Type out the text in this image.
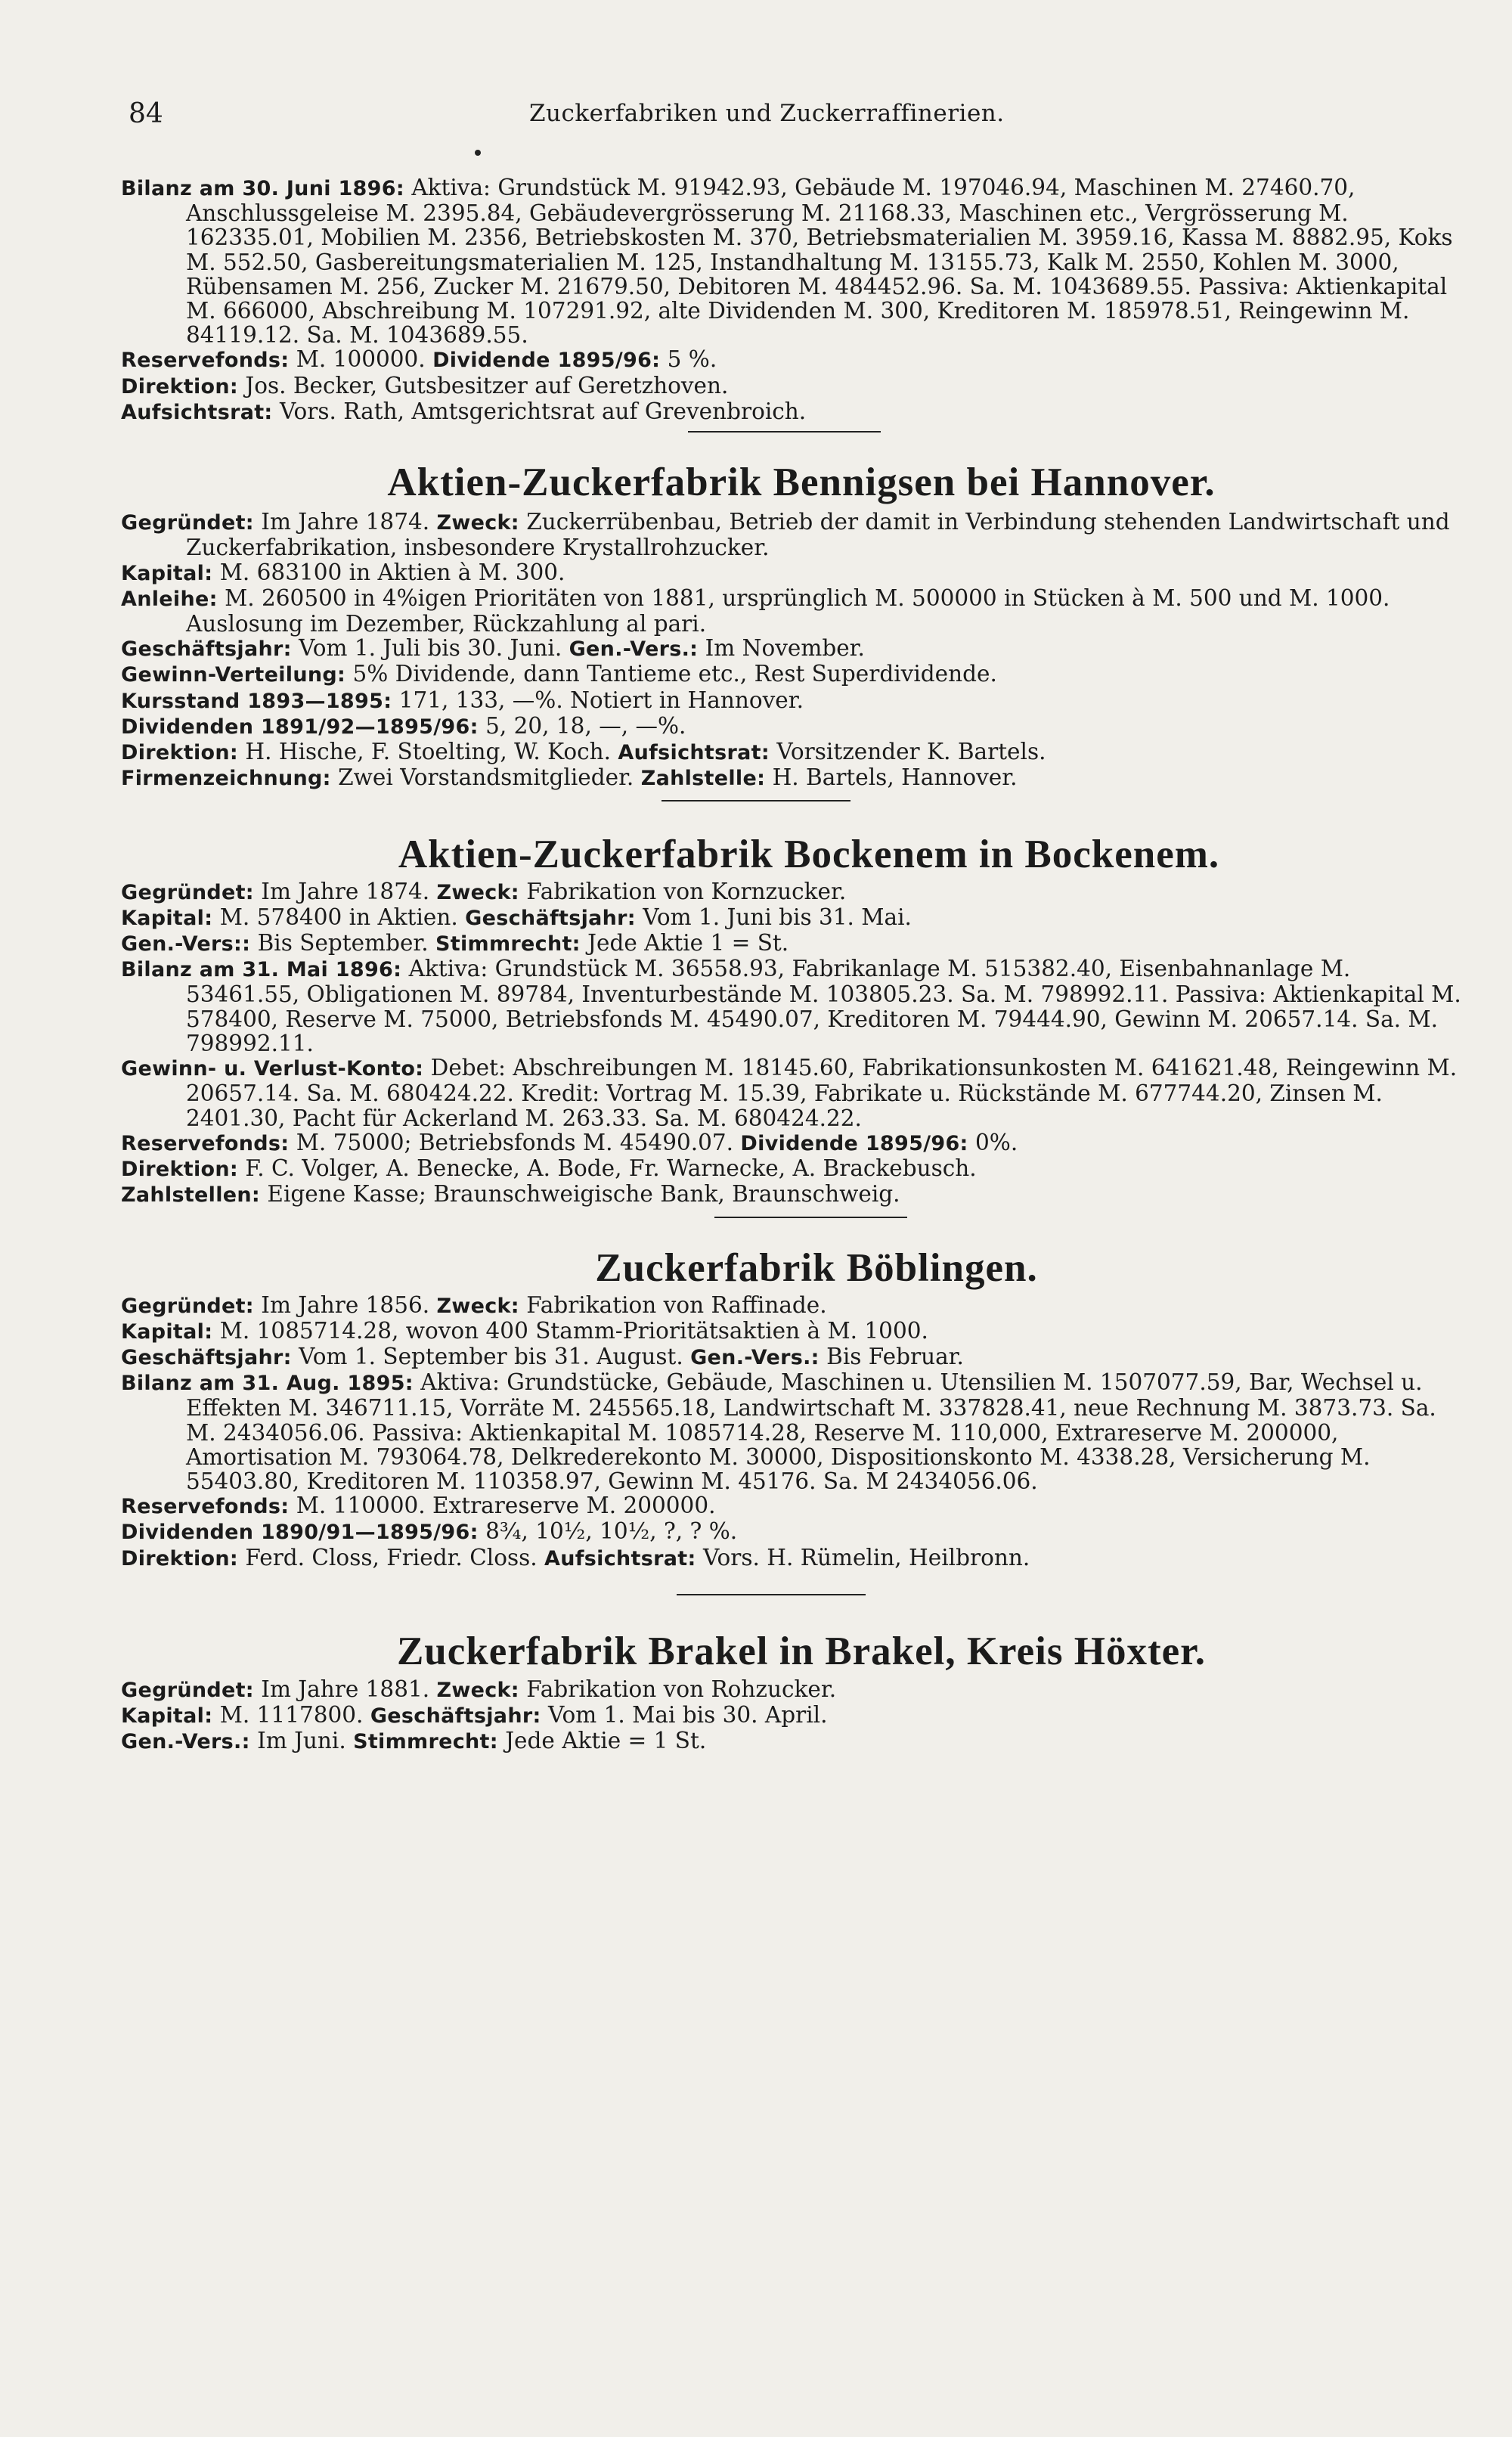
84	Zuckerfabriken und Zuckerraffinerien.

Bilanz am 30. Juni 1896: Aktiva: Grundstück M. 91942.93, Gebäude M. 197046.94, Maschinen M. 27460.70, Anschlussgeleise M. 2395.84, Gebäudevergrösserung M. 21168.33, Maschinen etc., Vergrösserung M. 162335.01, Mobilien M. 2356, Betriebskosten M. 370, Betriebsmaterialien M. 3959.16, Kassa M. 8882.95, Koks M. 552.50, Gasbereitungsmaterialien M. 125, Instandhaltung M. 13155.73, Kalk M. 2550, Kohlen M. 3000, Rübensamen M. 256, Zucker M. 21679.50, Debitoren M. 484452.96. Sa. M. 1043689.55. Passiva: Aktienkapital M. 666000, Abschreibung M. 107291.92, alte Dividenden M. 300, Kreditoren M. 185978.51, Reingewinn M. 84119.12. Sa. M. 1043689.55.

Reservefonds: M. 100000. Dividende 1895/96: 5 %.

Direktion: Jos. Becker, Gutsbesitzer auf Geretzhoven.

Aufsichtsrat: Vors. Rath, Amtsgerichtsrat auf Grevenbroich.

Aktien-Zuckerfabrik Bennigsen bei Hannover.

Gegründet: Im Jahre 1874. Zweck: Zuckerrübenbau, Betrieb der damit in Verbindung stehenden Landwirtschaft und Zuckerfabrikation, insbesondere Krystallrohzucker.

Kapital: M. 683100 in Aktien à M. 300.

Anleihe: M. 260500 in 4%igen Prioritäten von 1881, ursprünglich M. 500000 in Stücken à M. 500 und M. 1000. Auslosung im Dezember, Rückzahlung al pari.

Geschäftsjahr: Vom 1. Juli bis 30. Juni. Gen.-Vers.: Im November.

Gewinn-Verteilung: 5% Dividende, dann Tantieme etc., Rest Superdividende.

Kursstand 1893—1895: 171, 133, —%. Notiert in Hannover.

Dividenden 1891/92—1895/96: 5, 20, 18, —, —%.

Direktion: H. Hische, F. Stoelting, W. Koch. Aufsichtsrat: Vorsitzender K. Bartels.

Firmenzeichnung: Zwei Vorstandsmitglieder. Zahlstelle: H. Bartels, Hannover.

Aktien-Zuckerfabrik Bockenem in Bockenem.

Gegründet: Im Jahre 1874. Zweck: Fabrikation von Kornzucker.

Kapital: M. 578400 in Aktien. Geschäftsjahr: Vom 1. Juni bis 31. Mai.

Gen.-Vers:: Bis September. Stimmrecht: Jede Aktie 1 = St.

Bilanz am 31. Mai 1896: Aktiva: Grundstück M. 36558.93, Fabrikanlage M. 515382.40, Eisenbahnanlage M. 53461.55, Obligationen M. 89784, Inventurbestände M. 103805.23. Sa. M. 798992.11. Passiva: Aktienkapital M. 578400, Reserve M. 75000, Betriebsfonds M. 45490.07, Kreditoren M. 79444.90, Gewinn M. 20657.14. Sa. M. 798992.11.

Gewinn- u. Verlust-Konto: Debet: Abschreibungen M. 18145.60, Fabrikationsunkosten M. 641621.48, Reingewinn M. 20657.14. Sa. M. 680424.22. Kredit: Vortrag M. 15.39, Fabrikate u. Rückstände M. 677744.20, Zinsen M. 2401.30, Pacht für Ackerland M. 263.33. Sa. M. 680424.22.

Reservefonds: M. 75000; Betriebsfonds M. 45490.07. Dividende 1895/96: 0%.

Direktion: F. C. Volger, A. Benecke, A. Bode, Fr. Warnecke, A. Brackebusch.

Zahlstellen: Eigene Kasse; Braunschweigische Bank, Braunschweig.

Zuckerfabrik Böblingen.

Gegründet: Im Jahre 1856. Zweck: Fabrikation von Raffinade.

Kapital: M. 1085714.28, wovon 400 Stamm-Prioritätsaktien à M. 1000.

Geschäftsjahr: Vom 1. September bis 31. August. Gen.-Vers.: Bis Februar.

Bilanz am 31. Aug. 1895: Aktiva: Grundstücke, Gebäude, Maschinen u. Utensilien M. 1507077.59, Bar, Wechsel u. Effekten M. 346711.15, Vorräte M. 245565.18, Landwirtschaft M. 337828.41, neue Rechnung M. 3873.73. Sa. M. 2434056.06. Passiva: Aktienkapital M. 1085714.28, Reserve M. 110,000, Extrareserve M. 200000, Amortisation M. 793064.78, Delkrederekonto M. 30000, Dispositionskonto M. 4338.28, Versicherung M. 55403.80, Kreditoren M. 110358.97, Gewinn M. 45176. Sa. M 2434056.06.

Reservefonds: M. 110000. Extrareserve M. 200000.

Dividenden 1890/91—1895/96: 8¾, 10½, 10½, ?, ? %.

Direktion: Ferd. Closs, Friedr. Closs. Aufsichtsrat: Vors. H. Rümelin, Heilbronn.

Zuckerfabrik Brakel in Brakel, Kreis Höxter.

Gegründet: Im Jahre 1881. Zweck: Fabrikation von Rohzucker.

Kapital: M. 1117800. Geschäftsjahr: Vom 1. Mai bis 30. April.

Gen.-Vers.: Im Juni. Stimmrecht: Jede Aktie = 1 St.
